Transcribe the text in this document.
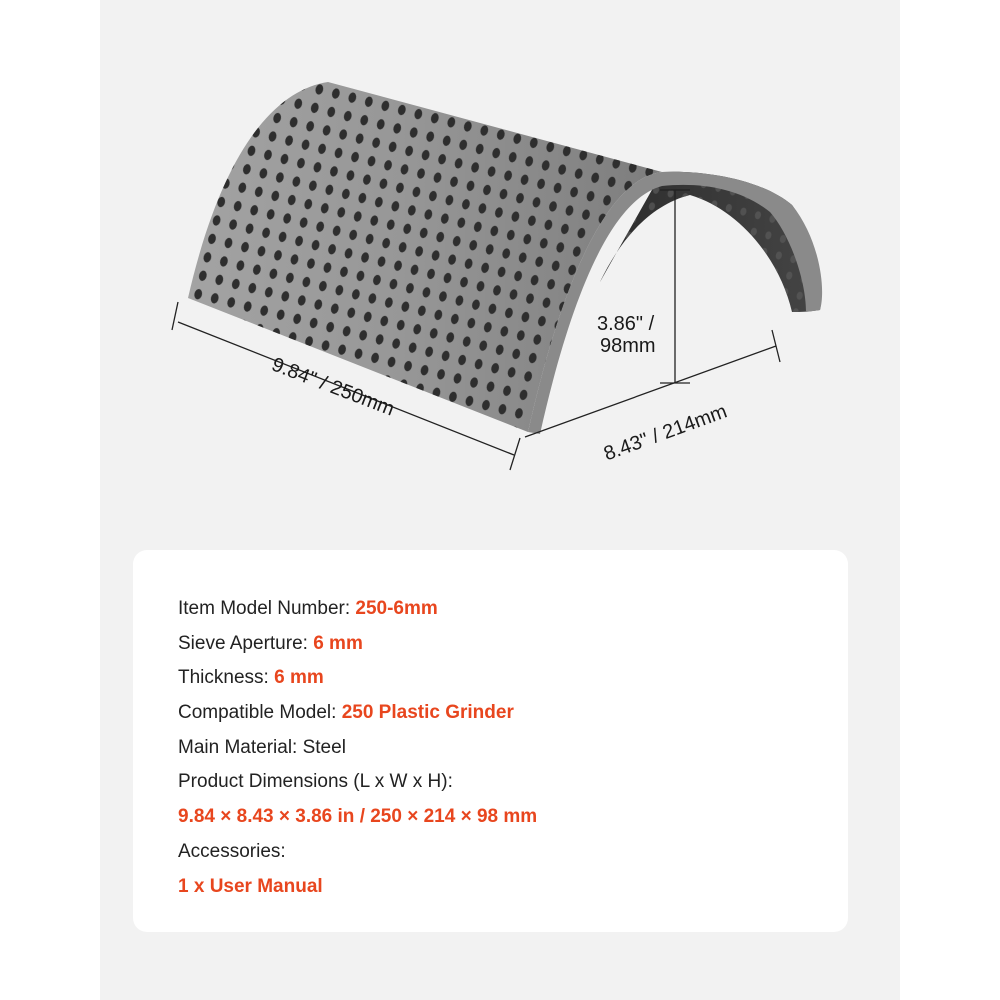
9.84" / 250mm
8.43" / 214mm
3.86" /
98mm
Item Model Number: 250-6mm
Sieve Aperture: 6 mm
Thickness: 6 mm
Compatible Model: 250 Plastic Grinder
Main Material: Steel
Product Dimensions (L x W x H):
9.84 × 8.43 × 3.86 in / 250 × 214 × 98 mm
Accessories:
1 x User Manual
